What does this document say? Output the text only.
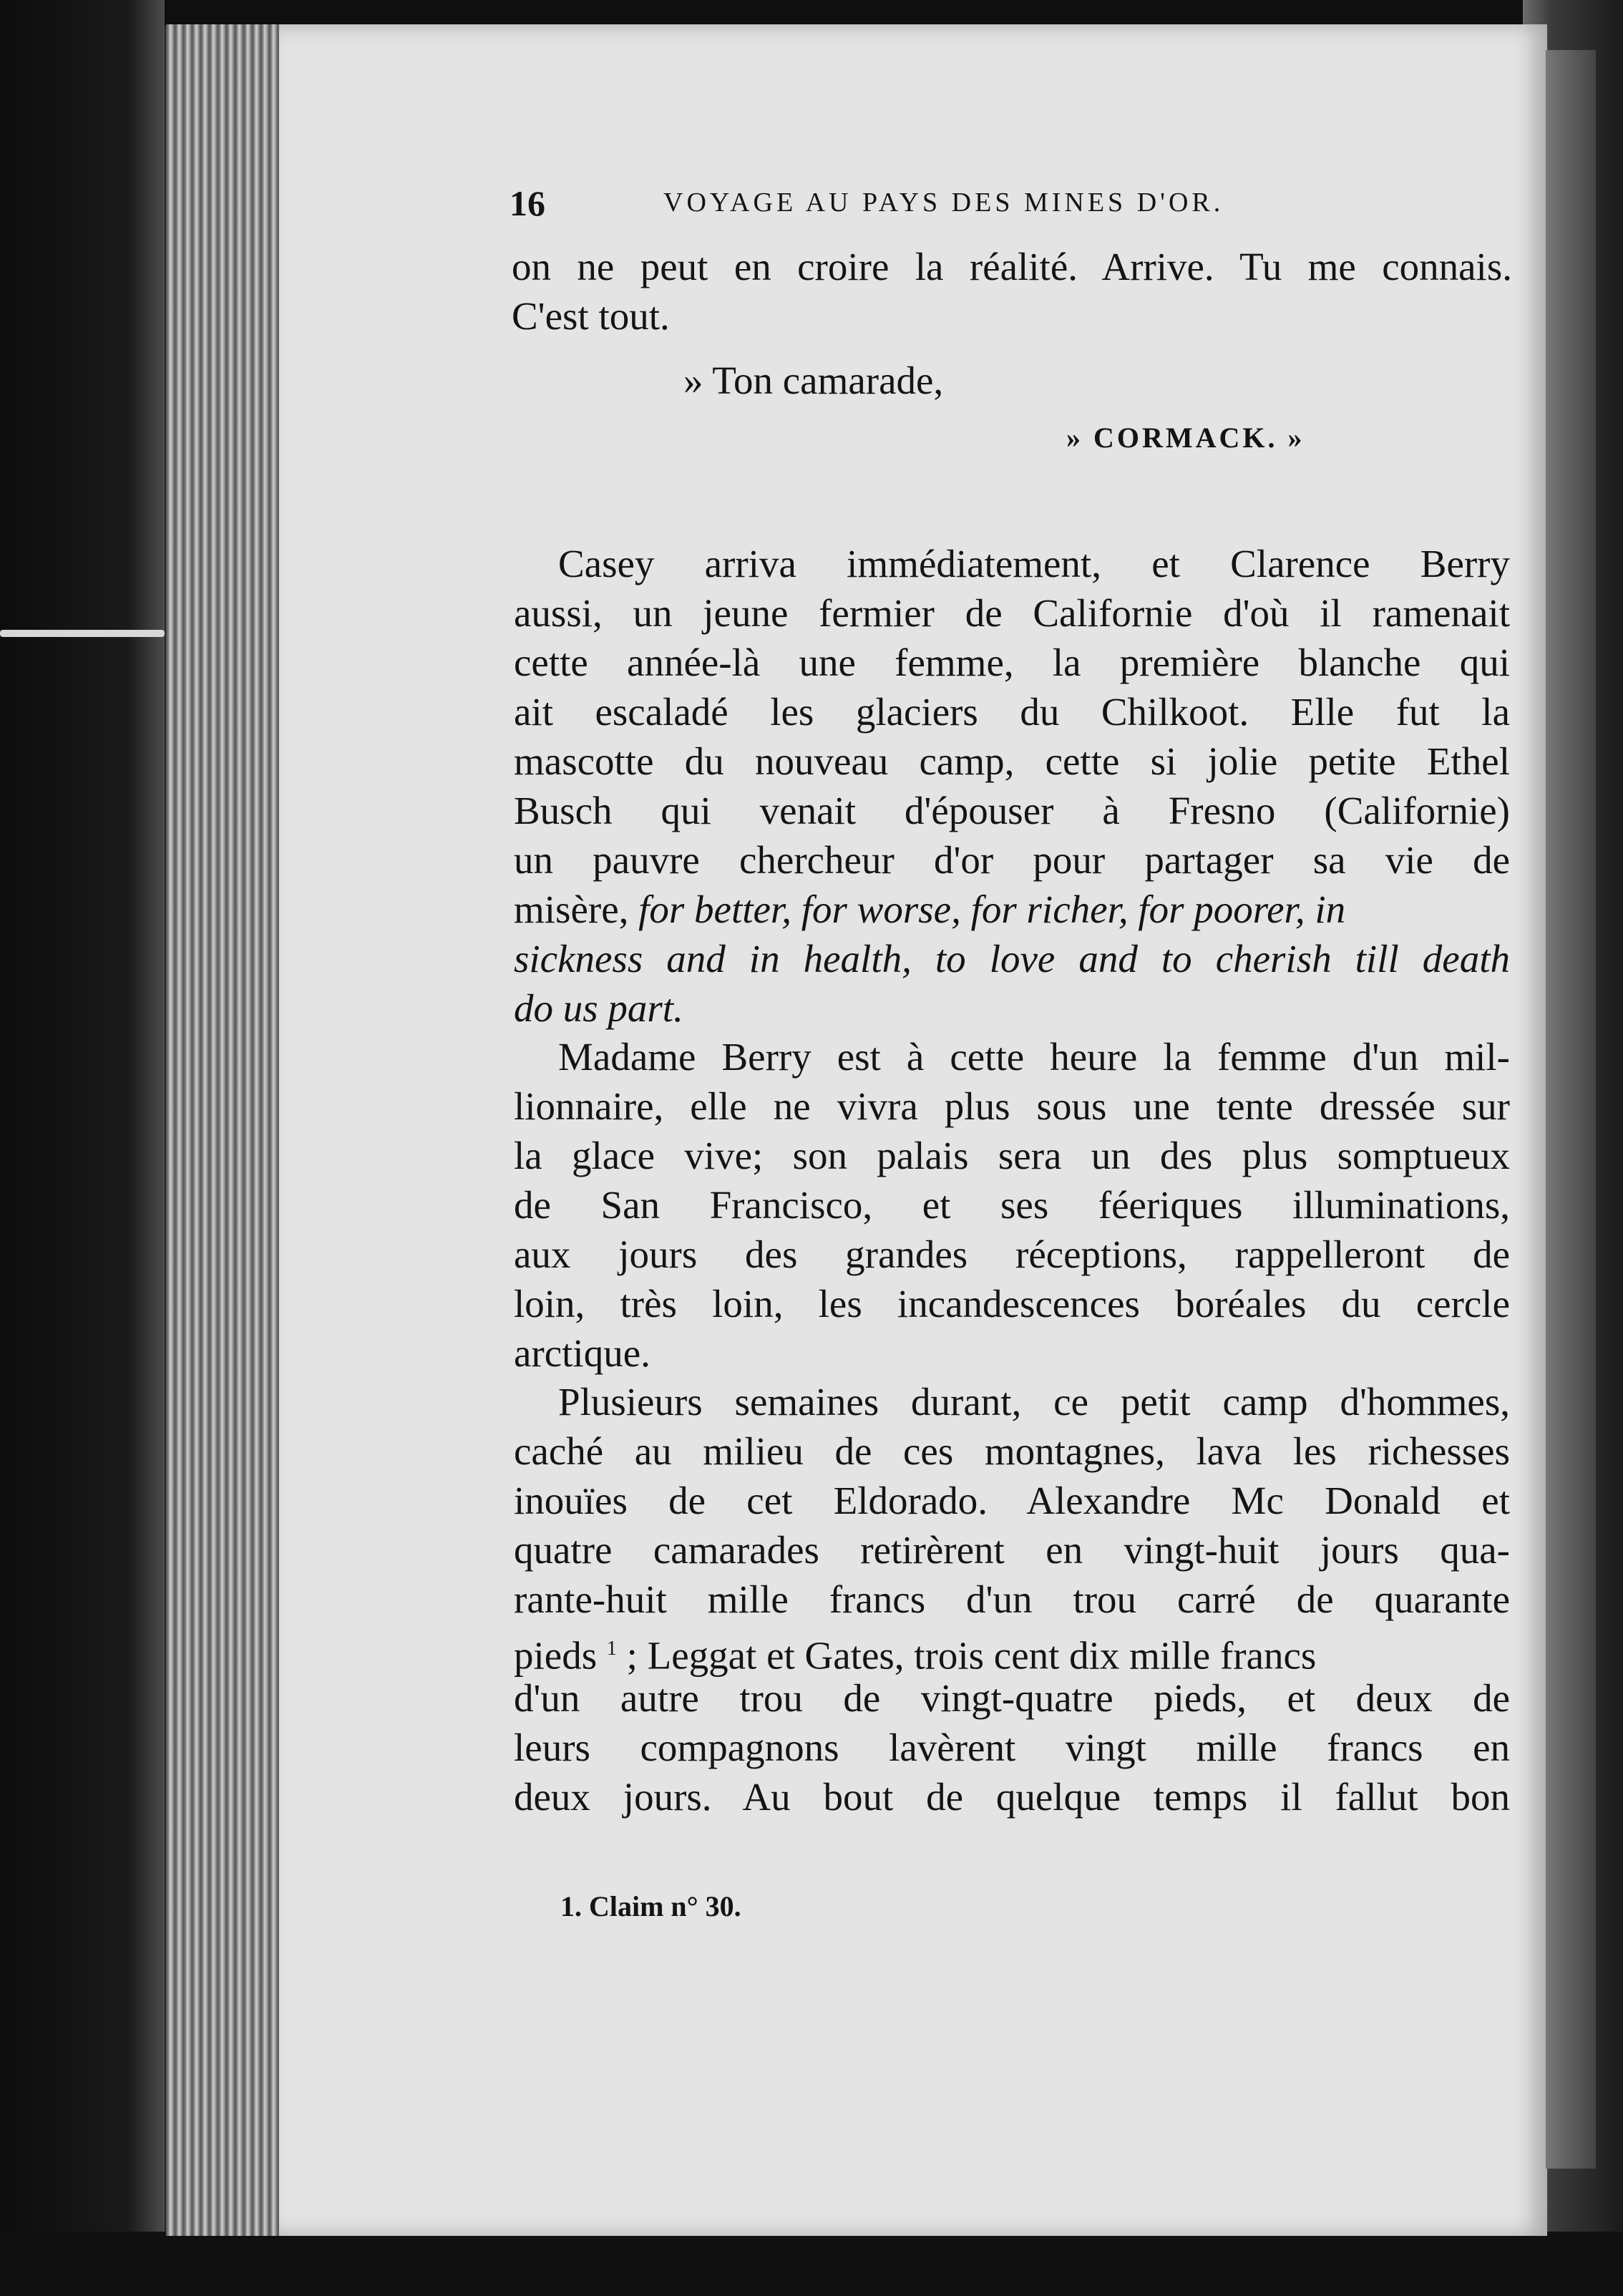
16	VOYAGE AU PAYS DES MINES D'OR.
on ne peut en croire la réalité. Arrive. Tu me connais.
C'est tout.
» Ton camarade,
» CORMACK. »
Casey arriva immédiatement, et Clarence Berry
aussi, un jeune fermier de Californie d'où il ramenait
cette année-là une femme, la première blanche qui
ait escaladé les glaciers du Chilkoot. Elle fut la
mascotte du nouveau camp, cette si jolie petite Ethel
Busch qui venait d'épouser à Fresno (Californie)
un pauvre chercheur d'or pour partager sa vie de
misère, for better, for worse, for richer, for poorer, in
sickness and in health, to love and to cherish till death
do us part.
Madame Berry est à cette heure la femme d'un mil-
lionnaire, elle ne vivra plus sous une tente dressée sur
la glace vive; son palais sera un des plus somptueux
de San Francisco, et ses féeriques illuminations,
aux jours des grandes réceptions, rappelleront de
loin, très loin, les incandescences boréales du cercle
arctique.
Plusieurs semaines durant, ce petit camp d'hommes,
caché au milieu de ces montagnes, lava les richesses
inouïes de cet Eldorado. Alexandre Mc Donald et
quatre camarades retirèrent en vingt-huit jours qua-
rante-huit mille francs d'un trou carré de quarante
pieds $^1$ ; Leggat et Gates, trois cent dix mille francs
d'un autre trou de vingt-quatre pieds, et deux de
leurs compagnons lavèrent vingt mille francs en
deux jours. Au bout de quelque temps il fallut bon
1. Claim n° 30.
